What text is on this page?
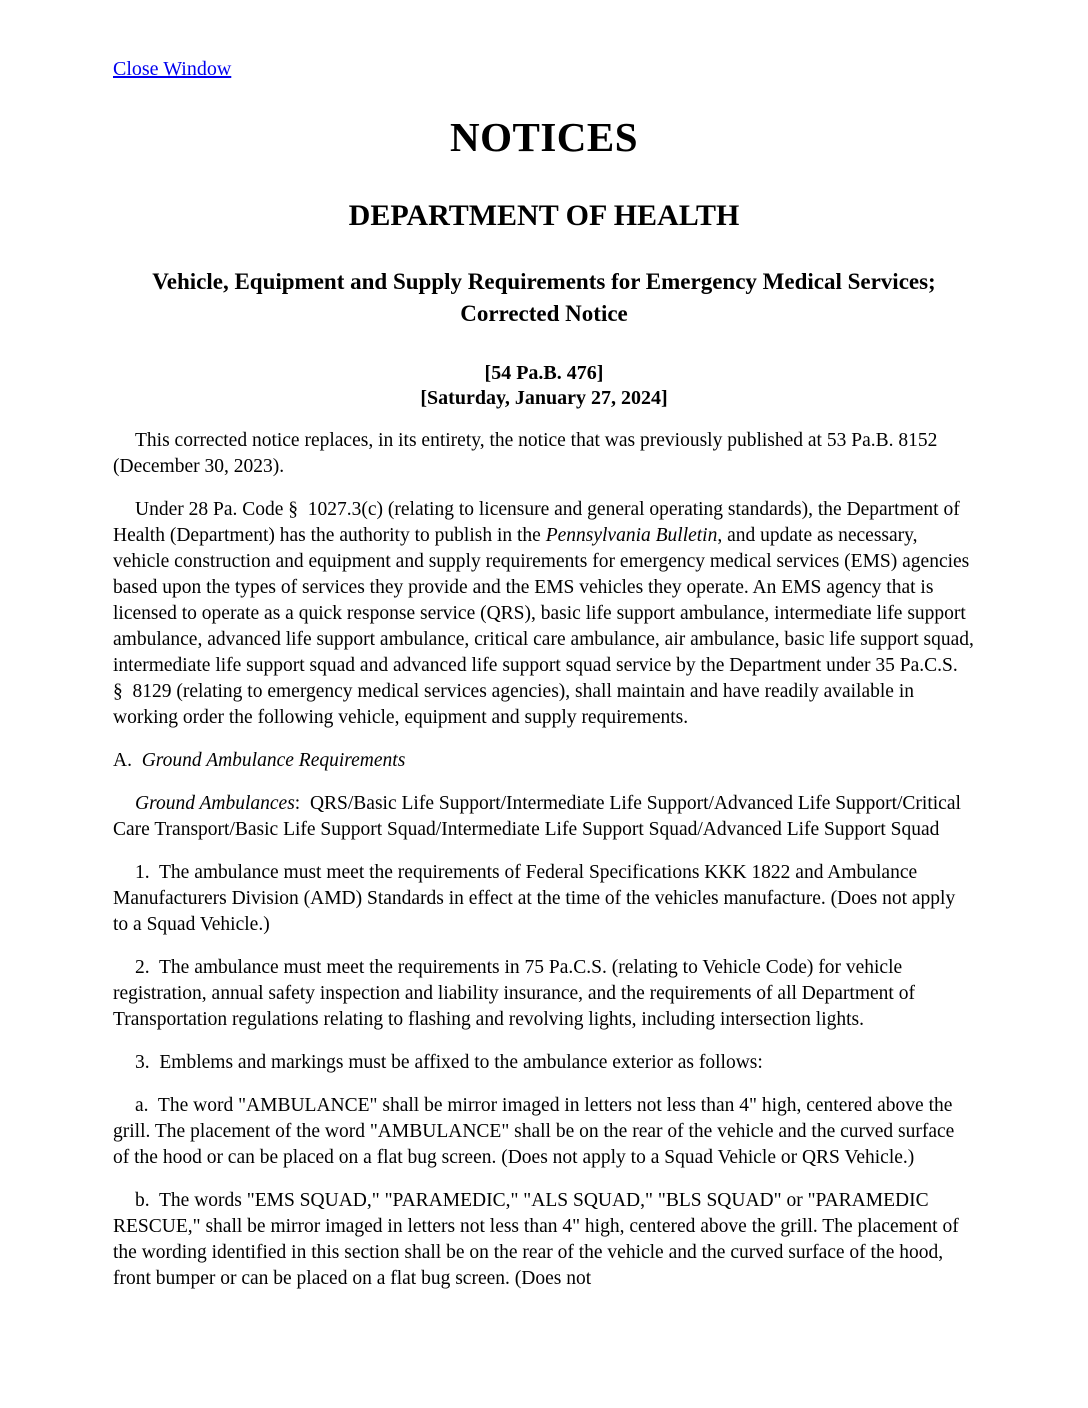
Close Window
NOTICES
DEPARTMENT OF HEALTH
Vehicle, Equipment and Supply Requirements for Emergency Medical Services;
Corrected Notice
[54 Pa.B. 476]
[Saturday, January 27, 2024]

This corrected notice replaces, in its entirety, the notice that was previously published at 53 Pa.B. 8152 (December 30, 2023).

Under 28 Pa. Code §  1027.3(c) (relating to licensure and general operating standards), the Department of Health (Department) has the authority to publish in the Pennsylvania Bulletin, and update as necessary, vehicle construction and equipment and supply requirements for emergency medical services (EMS) agencies based upon the types of services they provide and the EMS vehicles they operate. An EMS agency that is licensed to operate as a quick response service (QRS), basic life support ambulance, intermediate life support ambulance, advanced life support ambulance, critical care ambulance, air ambulance, basic life support squad, intermediate life support squad and advanced life support squad service by the Department under 35 Pa.C.S. §  8129 (relating to emergency medical services agencies), shall maintain and have readily available in working order the following vehicle, equipment and supply requirements.

A.  Ground Ambulance Requirements

Ground Ambulances:  QRS/Basic Life Support/Intermediate Life Support/Advanced Life Support/Critical Care Transport/Basic Life Support Squad/Intermediate Life Support Squad/Advanced Life Support Squad

1.  The ambulance must meet the requirements of Federal Specifications KKK 1822 and Ambulance Manufacturers Division (AMD) Standards in effect at the time of the vehicles manufacture. (Does not apply to a Squad Vehicle.)

2.  The ambulance must meet the requirements in 75 Pa.C.S. (relating to Vehicle Code) for vehicle registration, annual safety inspection and liability insurance, and the requirements of all Department of Transportation regulations relating to flashing and revolving lights, including intersection lights.

3.  Emblems and markings must be affixed to the ambulance exterior as follows:

a.  The word "AMBULANCE" shall be mirror imaged in letters not less than 4" high, centered above the grill. The placement of the word "AMBULANCE" shall be on the rear of the vehicle and the curved surface of the hood or can be placed on a flat bug screen. (Does not apply to a Squad Vehicle or QRS Vehicle.)

b.  The words "EMS SQUAD," "PARAMEDIC," "ALS SQUAD," "BLS SQUAD" or "PARAMEDIC RESCUE," shall be mirror imaged in letters not less than 4" high, centered above the grill. The placement of the wording identified in this section shall be on the rear of the vehicle and the curved surface of the hood, front bumper or can be placed on a flat bug screen. (Does not
